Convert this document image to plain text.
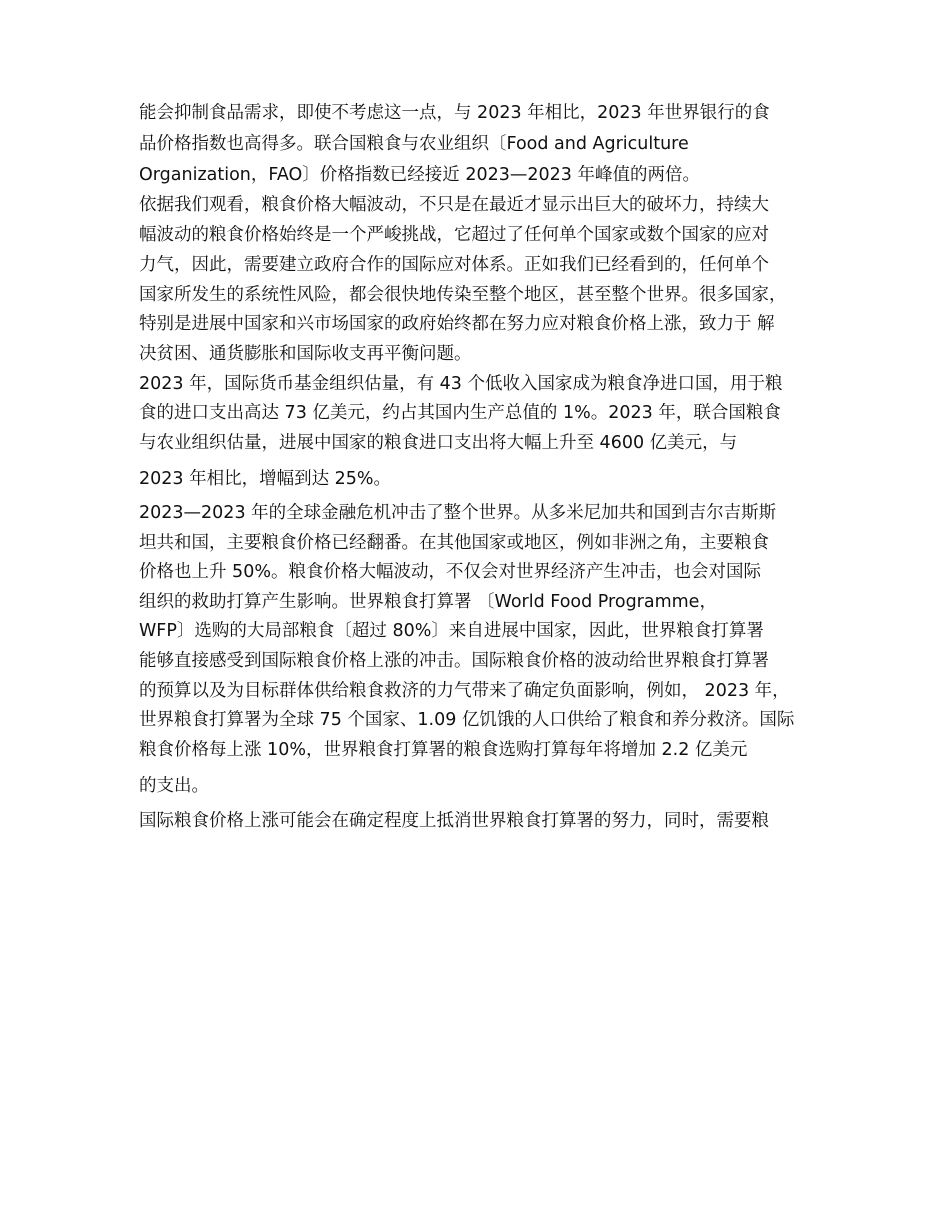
能会抑制食品需求，即使不考虑这一点，与 2023 年相比，2023 年世界银行的食

品价格指数也高得多。联合国粮食与农业组织〔Food and Agriculture

Organization，FAO〕价格指数已经接近 2023—2023 年峰值的两倍。

依据我们观看，粮食价格大幅波动，不只是在最近才显示出巨大的破坏力，持续大

幅波动的粮食价格始终是一个严峻挑战，它超过了任何单个国家或数个国家的应对

力气，因此，需要建立政府合作的国际应对体系。正如我们已经看到的，任何单个

国家所发生的系统性风险，都会很快地传染至整个地区，甚至整个世界。很多国家，

特别是进展中国家和兴市场国家的政府始终都在努力应对粮食价格上涨，致力于 解

决贫困、通货膨胀和国际收支再平衡问题。

2023 年，国际货币基金组织估量，有 43 个低收入国家成为粮食净进口国，用于粮

食的进口支出高达 73 亿美元，约占其国内生产总值的 1%。2023 年，联合国粮食

与农业组织估量，进展中国家的粮食进口支出将大幅上升至 4600 亿美元，与

2023 年相比，增幅到达 25%。

2023—2023 年的全球金融危机冲击了整个世界。从多米尼加共和国到吉尔吉斯斯

坦共和国，主要粮食价格已经翻番。在其他国家或地区，例如非洲之角，主要粮食

价格也上升 50%。粮食价格大幅波动，不仅会对世界经济产生冲击，也会对国际

组织的救助打算产生影响。世界粮食打算署 〔World Food Programme，

WFP〕选购的大局部粮食〔超过 80%〕来自进展中国家，因此，世界粮食打算署

能够直接感受到国际粮食价格上涨的冲击。国际粮食价格的波动给世界粮食打算署

的预算以及为目标群体供给粮食救济的力气带来了确定负面影响，例如， 2023 年，

世界粮食打算署为全球 75 个国家、1.09 亿饥饿的人口供给了粮食和养分救济。国际

粮食价格每上涨 10%，世界粮食打算署的粮食选购打算每年将增加 2.2 亿美元

的支出。

国际粮食价格上涨可能会在确定程度上抵消世界粮食打算署的努力，同时，需要粮
